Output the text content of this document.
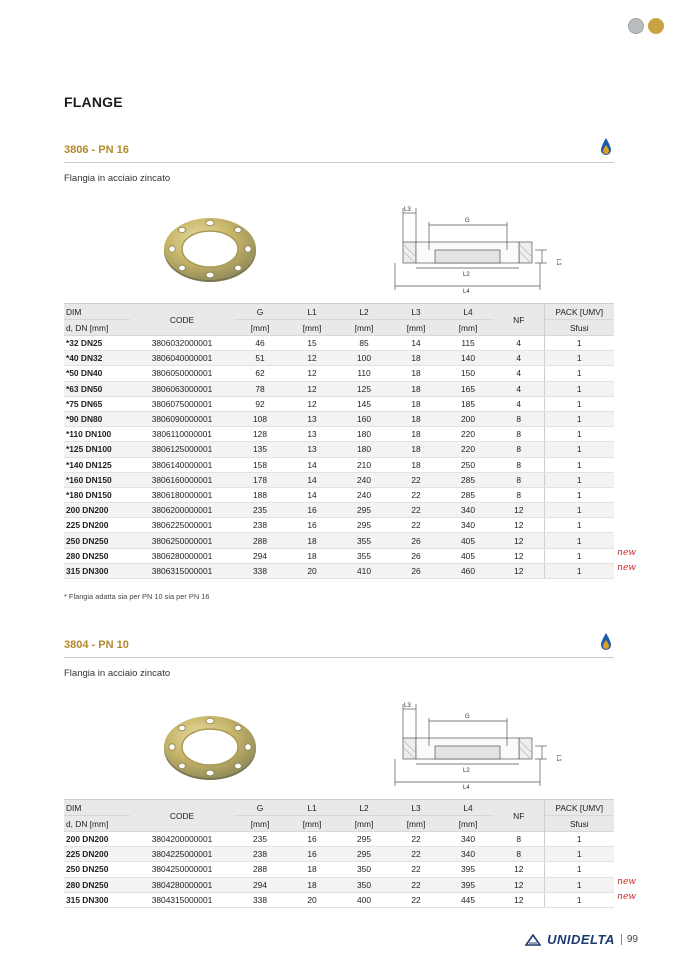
FLANGE
3806 - PN 16
Flangia in acciaio zincato
L3
G
L2
L4
L1
DIM	CODE	G	L1	L2	L3	L4	NF	PACK [UMV]
d, DN [mm]		[mm]	[mm]	[mm]	[mm]	[mm]		Sfusi
*32 DN25	3806032000001	46	15	85	14	115	4	1
*40 DN32	3806040000001	51	12	100	18	140	4	1
*50 DN40	3806050000001	62	12	110	18	150	4	1
*63 DN50	3806063000001	78	12	125	18	165	4	1
*75 DN65	3806075000001	92	12	145	18	185	4	1
*90 DN80	3806090000001	108	13	160	18	200	8	1
*110 DN100	3806110000001	128	13	180	18	220	8	1
*125 DN100	3806125000001	135	13	180	18	220	8	1
*140 DN125	3806140000001	158	14	210	18	250	8	1
*160 DN150	3806160000001	178	14	240	22	285	8	1
*180 DN150	3806180000001	188	14	240	22	285	8	1
200 DN200	3806200000001	235	16	295	22	340	12	1
225 DN200	3806225000001	238	16	295	22	340	12	1
250 DN250	3806250000001	288	18	355	26	405	12	1
280 DN250	3806280000001	294	18	355	26	405	12	1 new

315 DN300	3806315000001	338	20	410	26	460	12	1 new
* Flangia adatta sia per PN 10 sia per PN 16
3804 - PN 10
Flangia in acciaio zincato
L3
G
L2
L4
L1
DIM	CODE	G	L1	L2	L3	L4	NF	PACK [UMV]
d, DN [mm]		[mm]	[mm]	[mm]	[mm]	[mm]		Sfusi
200 DN200	3804200000001	235	16	295	22	340	8	1
225 DN200	3804225000001	238	16	295	22	340	8	1
250 DN250	3804250000001	288	18	350	22	395	12	1
280 DN250	3804280000001	294	18	350	22	395	12	1 new

315 DN300	3804315000001	338	20	400	22	445	12	1 new
UNIDELTA	99
